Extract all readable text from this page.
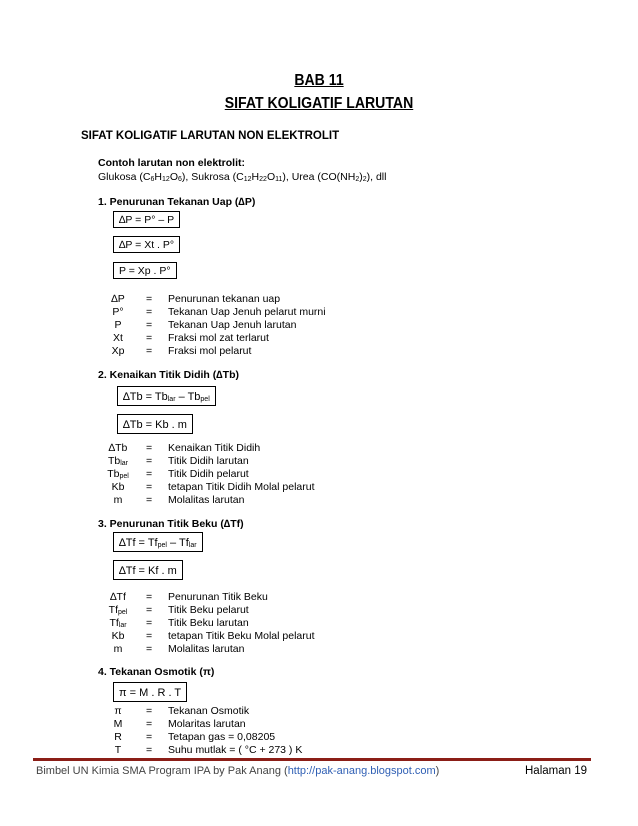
BAB 11
SIFAT KOLIGATIF LARUTAN
SIFAT KOLIGATIF LARUTAN NON ELEKTROLIT
Contoh larutan non elektrolit:
Glukosa $(C_6H_{12}O_6)$, Sukrosa $(C_{12}H_{22}O_{11})$, Urea $(CO(NH_2)_2)$, dll
1. Penurunan Tekanan Uap (∆P)
∆P = P° – P
∆P = Xt . P°
P = Xp . P°
∆P	= Penurunan tekanan uap
P°	= Tekanan Uap Jenuh pelarut murni
P	= Tekanan Uap Jenuh larutan
Xt	= Fraksi mol zat terlarut
Xp	= Fraksi mol pelarut
2. Kenaikan Titik Didih (∆Tb)
$\Delta Tb = Tb_{lar} - Tb_{pel}$
∆Tb = Kb . m
∆Tb	= Kenaikan Titik Didih
$Tb_{lar}$	= Titik Didih larutan
$Tb_{pel}$	= Titik Didih pelarut
Kb	= tetapan Titik Didih Molal pelarut
m	= Molalitas larutan
3. Penurunan Titik Beku (∆Tf)
$\Delta Tf = Tf_{pel} - Tf_{lar}$
∆Tf = Kf . m
∆Tf	= Penurunan Titik Beku
$Tf_{pel}$	= Titik Beku pelarut
$Tf_{lar}$	= Titik Beku larutan
Kb	= tetapan Titik Beku Molal pelarut
m	= Molalitas larutan
4. Tekanan Osmotik (π)
π = M . R . T
π	= Tekanan Osmotik
M	= Molaritas larutan
R	= Tetapan gas = 0,08205
T	= Suhu mutlak = ( °C + 273 ) K
Bimbel UN Kimia SMA Program IPA by Pak Anang (http://pak-anang.blogspot.com)	Halaman 19
